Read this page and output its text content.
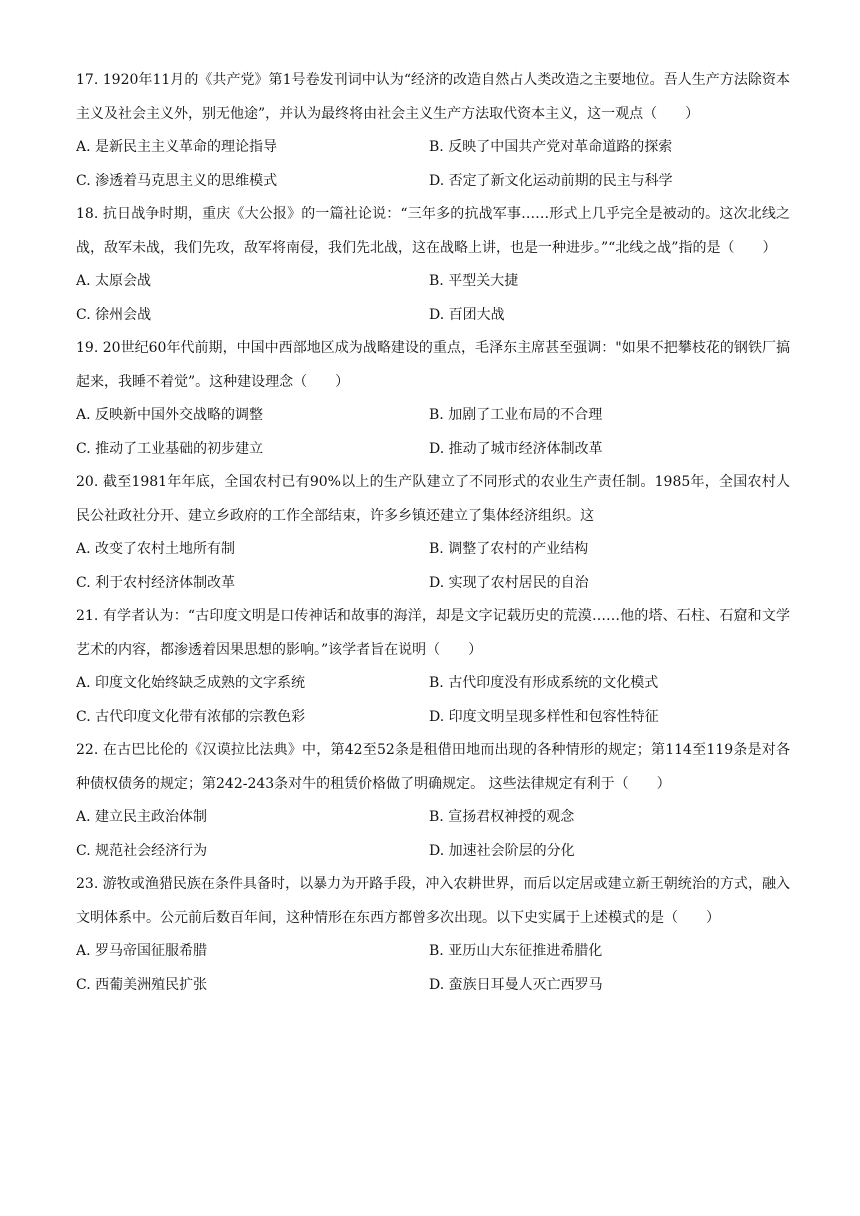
17. 1920年11月的《共产党》第1号卷发刊词中认为“经济的改造自然占人类改造之主要地位。吾人生产方法除资本主义及社会主义外，别无他途”，并认为最终将由社会主义生产方法取代资本主义，这一观点（　　）

A. 是新民主主义革命的理论指导	B. 反映了中国共产党对革命道路的探索

C. 渗透着马克思主义的思维模式	D. 否定了新文化运动前期的民主与科学

18. 抗日战争时期，重庆《大公报》的一篇社论说：“三年多的抗战军事……形式上几乎完全是被动的。这次北线之战，敌军未战，我们先攻，敌军将南侵，我们先北战，这在战略上讲，也是一种进步。”“北线之战”指的是（　　）

A. 太原会战	B. 平型关大捷

C. 徐州会战	D. 百团大战

19. 20世纪60年代前期，中国中西部地区成为战略建设的重点，毛泽东主席甚至强调："如果不把攀枝花的钢铁厂搞起来，我睡不着觉”。这种建设理念（　　）

A. 反映新中国外交战略的调整	B. 加剧了工业布局的不合理

C. 推动了工业基础的初步建立	D. 推动了城市经济体制改革

20. 截至1981年年底，全国农村已有90%以上的生产队建立了不同形式的农业生产责任制。1985年，全国农村人民公社政社分开、建立乡政府的工作全部结束，许多乡镇还建立了集体经济组织。这

A. 改变了农村土地所有制	B. 调整了农村的产业结构

C. 利于农村经济体制改革	D. 实现了农村居民的自治

21. 有学者认为：“古印度文明是口传神话和故事的海洋，却是文字记载历史的荒漠……他的塔、石柱、石窟和文学艺术的内容，都渗透着因果思想的影响。”该学者旨在说明（　　）

A. 印度文化始终缺乏成熟的文字系统	B. 古代印度没有形成系统的文化模式

C. 古代印度文化带有浓郁的宗教色彩	D. 印度文明呈现多样性和包容性特征

22. 在古巴比伦的《汉谟拉比法典》中，第42至52条是租借田地而出现的各种情形的规定；第114至119条是对各种债权债务的规定；第242-243条对牛的租赁价格做了明确规定。 这些法律规定有利于（　　）

A. 建立民主政治体制	B. 宣扬君权神授的观念

C. 规范社会经济行为	D. 加速社会阶层的分化

23. 游牧或渔猎民族在条件具备时，以暴力为开路手段，冲入农耕世界，而后以定居或建立新王朝统治的方式，融入文明体系中。公元前后数百年间，这种情形在东西方都曾多次出现。以下史实属于上述模式的是（　　）

A. 罗马帝国征服希腊	B. 亚历山大东征推进希腊化

C. 西葡美洲殖民扩张	D. 蛮族日耳曼人灭亡西罗马
